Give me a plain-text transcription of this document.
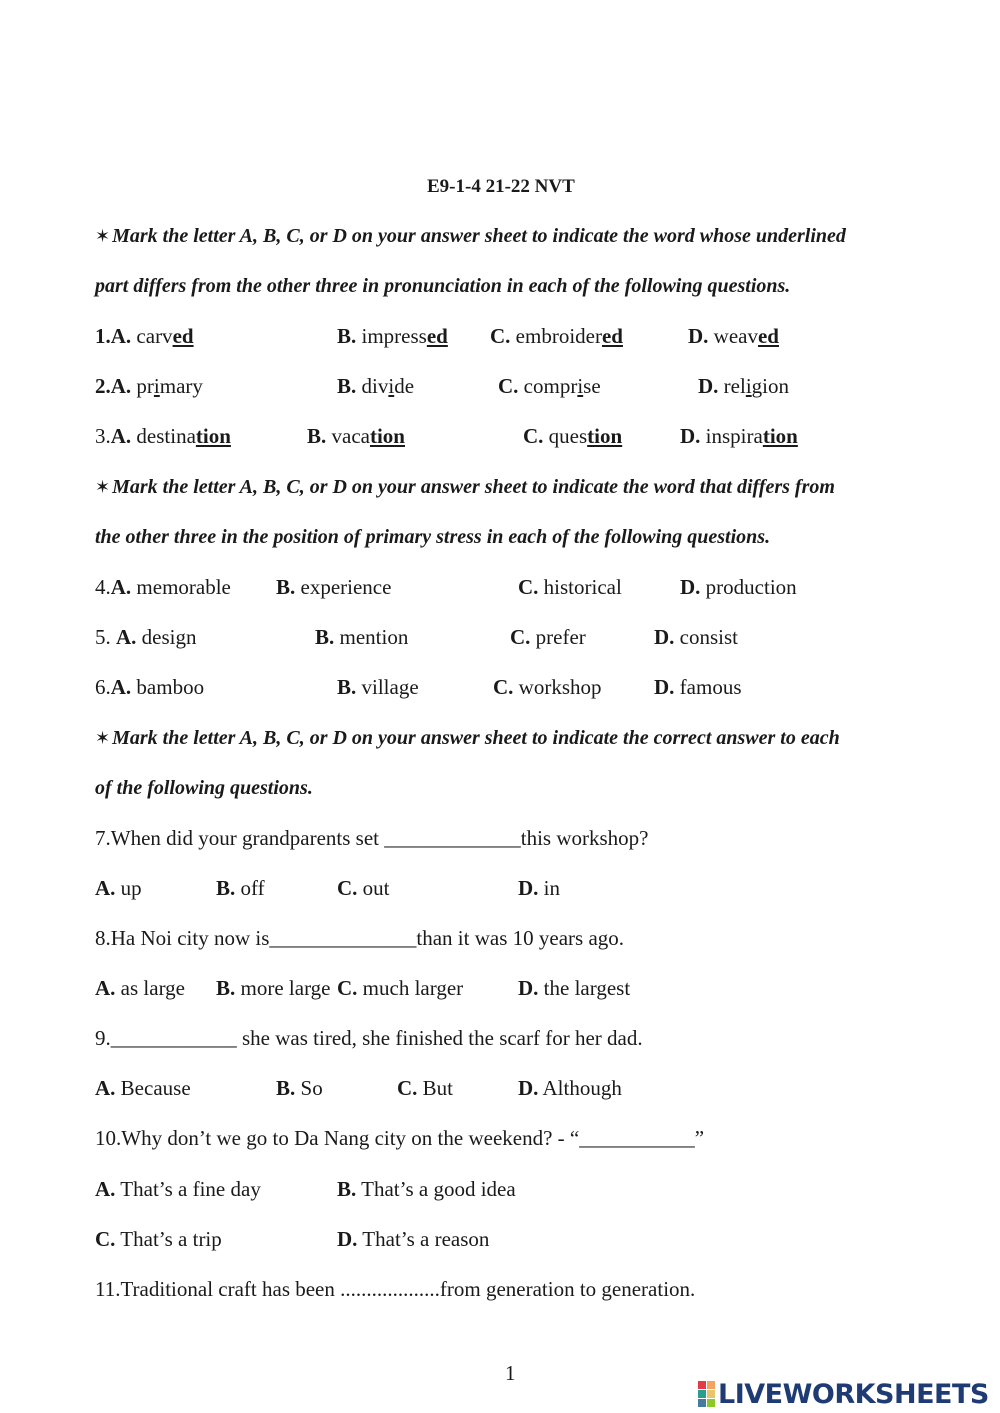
E9-1-4 21-22 NVT
✶ Mark the letter A, B, C, or D on your answer sheet to indicate the word whose underlined
part differs from the other three in pronunciation in each of the following questions.
1.A. carved	B. impressed C. embroidered	D. weaved
2.A. primary	B. divide	C. comprise	D. religion
3.A. destination	B. vacation	C. question	D. inspiration
✶ Mark the letter A, B, C, or D on your answer sheet to indicate the word that differs from
the other three in the position of primary stress in each of the following questions.
4.A. memorable B. experience	C. historical	D. production
5. A. design	B. mention	C. prefer	D. consist
6.A. bamboo	B. village	C. workshop D. famous
✶ Mark the letter A, B, C, or D on your answer sheet to indicate the correct answer to each
of the following questions.
7.When did your grandparents set _____________this workshop?
A. up	B. off	C. out	D. in
8.Ha Noi city now is______________than it was 10 years ago.
A. as large B. more large C. much larger	D. the largest
9.____________ she was tired, she finished the scarf for her dad.
A. Because	B. So	C. But	D. Although
10.Why don’t we go to Da Nang city on the weekend? - “___________”
A. That’s a fine day	B. That’s a good idea
C. That’s a trip	D. That’s a reason
11.Traditional craft has been ...................from generation to generation.
1
LIVEWORKSHEETS
